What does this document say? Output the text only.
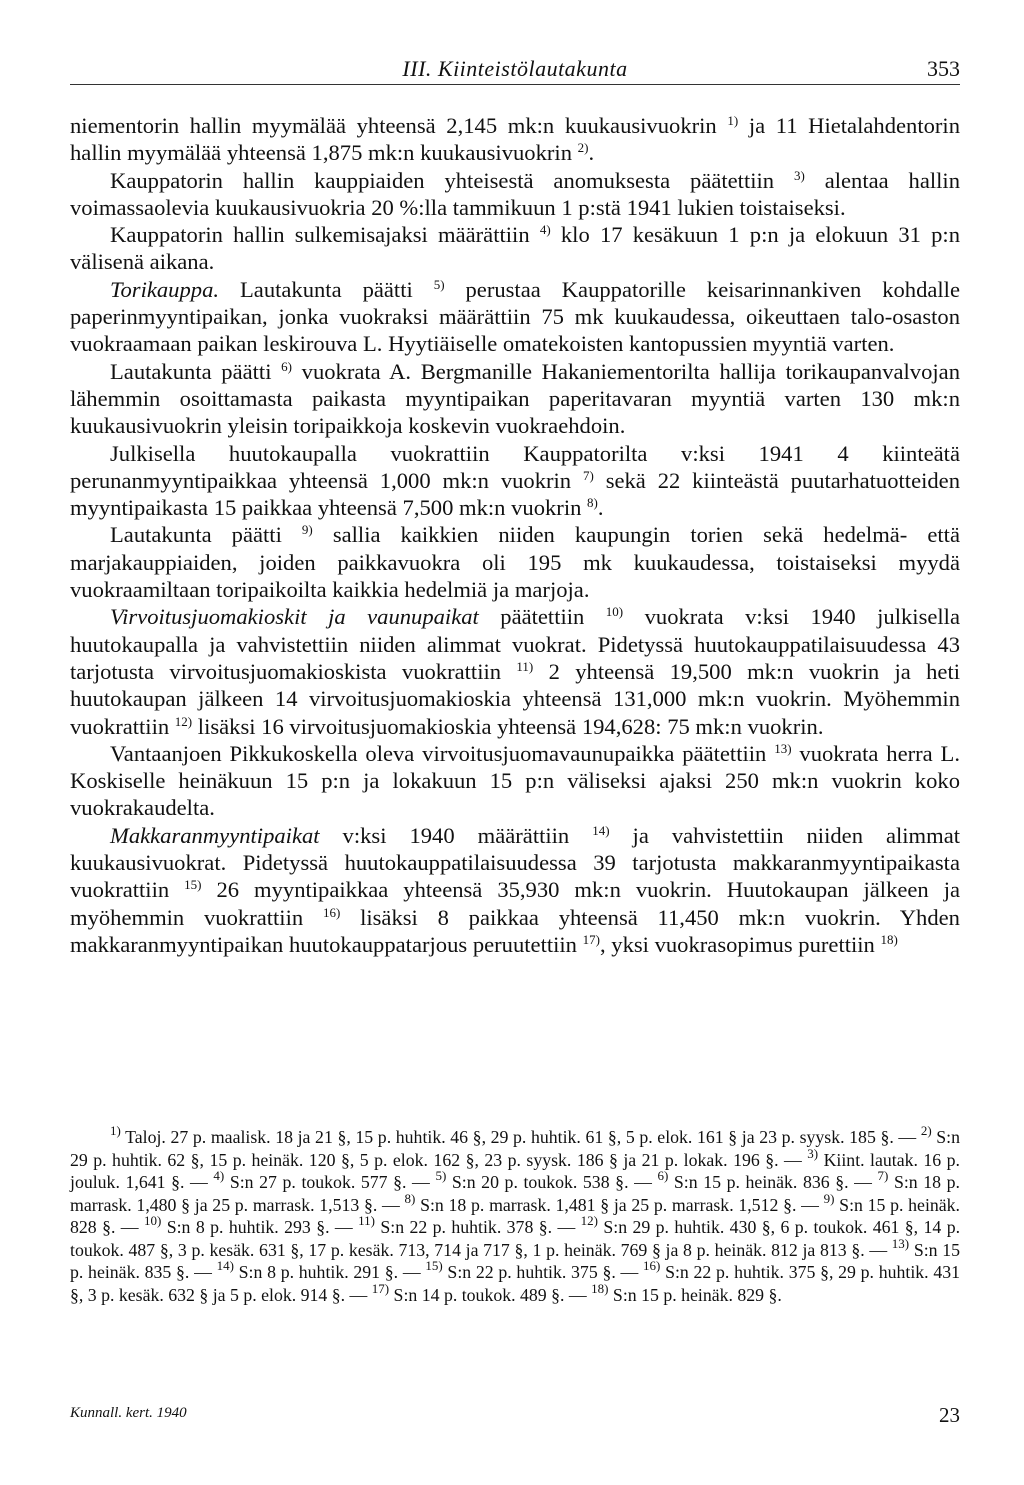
III. Kiinteistölautakunta	353

niementorin hallin myymälää yhteensä 2,145 mk:n kuukausivuokrin $^{1)}$ ja 11 Hietalahdentorin hallin myymälää yhteensä 1,875 mk:n kuukausivuokrin $^{2)}$.

Kauppatorin hallin kauppiaiden yhteisestä anomuksesta päätettiin $^{3)}$ alentaa hallin voimassaolevia kuukausivuokria 20 %:lla tammikuun 1 p:stä 1941 lukien toistaiseksi.

Kauppatorin hallin sulkemisajaksi määrättiin $^{4)}$ klo 17 kesäkuun 1 p:n ja elokuun 31 p:n välisenä aikana.

Torikauppa. Lautakunta päätti $^{5)}$ perustaa Kauppatorille keisarinnankiven kohdalle paperinmyyntipaikan, jonka vuokraksi määrättiin 75 mk kuukaudessa, oikeuttaen talo-osaston vuokraamaan paikan leskirouva L. Hyytiäiselle omatekoisten kantopussien myyntiä varten.

Lautakunta päätti $^{6)}$ vuokrata A. Bergmanille Hakaniementorilta hallija torikaupanvalvojan lähemmin osoittamasta paikasta myyntipaikan paperitavaran myyntiä varten 130 mk:n kuukausivuokrin yleisin toripaikkoja koskevin vuokraehdoin.

Julkisella huutokaupalla vuokrattiin Kauppatorilta v:ksi 1941 4 kiinteätä perunanmyyntipaikkaa yhteensä 1,000 mk:n vuokrin $^{7)}$ sekä 22 kiinteästä puutarhatuotteiden myyntipaikasta 15 paikkaa yhteensä 7,500 mk:n vuokrin $^{8)}$.

Lautakunta päätti $^{9)}$ sallia kaikkien niiden kaupungin torien sekä hedelmä- että marjakauppiaiden, joiden paikkavuokra oli 195 mk kuukaudessa, toistaiseksi myydä vuokraamiltaan toripaikoilta kaikkia hedelmiä ja marjoja.

Virvoitusjuomakioskit ja vaunupaikat päätettiin $^{10)}$ vuokrata v:ksi 1940 julkisella huutokaupalla ja vahvistettiin niiden alimmat vuokrat. Pidetyssä huutokauppatilaisuudessa 43 tarjotusta virvoitusjuomakioskista vuokrattiin $^{11)}$ 2 yhteensä 19,500 mk:n vuokrin ja heti huutokaupan jälkeen 14 virvoitusjuomakioskia yhteensä 131,000 mk:n vuokrin. Myöhemmin vuokrattiin $^{12)}$ lisäksi 16 virvoitusjuomakioskia yhteensä 194,628: 75 mk:n vuokrin.

Vantaanjoen Pikkukoskella oleva virvoitusjuomavaunupaikka päätettiin $^{13)}$ vuokrata herra L. Koskiselle heinäkuun 15 p:n ja lokakuun 15 p:n väliseksi ajaksi 250 mk:n vuokrin koko vuokrakaudelta.

Makkaranmyyntipaikat v:ksi 1940 määrättiin $^{14)}$ ja vahvistettiin niiden alimmat kuukausivuokrat. Pidetyssä huutokauppatilaisuudessa 39 tarjotusta makkaranmyyntipaikasta vuokrattiin $^{15)}$ 26 myyntipaikkaa yhteensä 35,930 mk:n vuokrin. Huutokaupan jälkeen ja myöhemmin vuokrattiin $^{16)}$ lisäksi 8 paikkaa yhteensä 11,450 mk:n vuokrin. Yhden makkaranmyyntipaikan huutokauppatarjous peruutettiin $^{17)}$, yksi vuokrasopimus purettiin $^{18)}$

$^{1)}$ Taloj. 27 p. maalisk. 18 ja 21 §, 15 p. huhtik. 46 §, 29 p. huhtik. 61 §, 5 p. elok. 161 § ja 23 p. syysk. 185 §. — $^{2)}$ S:n 29 p. huhtik. 62 §, 15 p. heinäk. 120 §, 5 p. elok. 162 §, 23 p. syysk. 186 § ja 21 p. lokak. 196 §. — $^{3)}$ Kiint. lautak. 16 p. jouluk. 1,641 §. — $^{4)}$ S:n 27 p. toukok. 577 §. — $^{5)}$ S:n 20 p. toukok. 538 §. — $^{6)}$ S:n 15 p. heinäk. 836 §. — $^{7)}$ S:n 18 p. marrask. 1,480 § ja 25 p. marrask. 1,513 §. — $^{8)}$ S:n 18 p. marrask. 1,481 § ja 25 p. marrask. 1,512 §. — $^{9)}$ S:n 15 p. heinäk. 828 §. — $^{10)}$ S:n 8 p. huhtik. 293 §. — $^{11)}$ S:n 22 p. huhtik. 378 §. — $^{12)}$ S:n 29 p. huhtik. 430 §, 6 p. toukok. 461 §, 14 p. toukok. 487 §, 3 p. kesäk. 631 §, 17 p. kesäk. 713, 714 ja 717 §, 1 p. heinäk. 769 § ja 8 p. heinäk. 812 ja 813 §. — $^{13)}$ S:n 15 p. heinäk. 835 §. — $^{14)}$ S:n 8 p. huhtik. 291 §. — $^{15)}$ S:n 22 p. huhtik. 375 §. — $^{16)}$ S:n 22 p. huhtik. 375 §, 29 p. huhtik. 431 §, 3 p. kesäk. 632 § ja 5 p. elok. 914 §. — $^{17)}$ S:n 14 p. toukok. 489 §. — $^{18)}$ S:n 15 p. heinäk. 829 §.

Kunnall. kert. 1940	23
